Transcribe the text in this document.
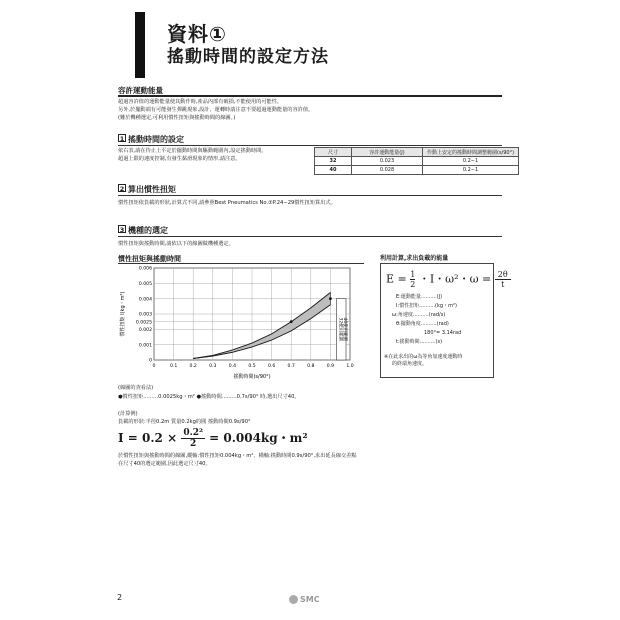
資料①
搖動時間的設定方法
容許運動能量
超過容許值的運動能量使其動作時,產品內部有破損,不能使用的可能性。
另外,於擺動端有可能發生彈跳現象,設計、運轉時請注意不要超過運動能量的容許值。
(難於機種選定,可利用慣性扭矩與搖動時間的線圖。)
1 搖動時間的設定
依右表,請在待止上平定於擺動時間與驅動範圍內,設定搖動時間。
超過上限的速度控制,有發生黏滑現象的情形,請注意。
尺寸	容許運動能量(J)	作動上安定的搖動時間調整範圍(s/90°)
32	0.023	0.2∼1
40	0.028	0.2∼1
2 算出慣性扭矩
慣性扭矩依負載的形狀,計算式不同,請參照Best Pneumatics No.⑦P.24∼29慣性扭矩算出式。
3 機種的選定
慣性扭矩與搖動時間,請依以下的線圖做機種選定。
慣性扭矩與搖動時間
0
0.001
0.002
0.0025
0.003
0.004
0.005
0.006
0	0.1	0.2	0.3	0.4	0.5	0.6	0.7	0.8	0.9	1.0
慣性扭矩 I(kg・m²)
搖動時間(s/90°)
32使用範圍 40使用範圍
利用計算,求出負載的能量
$E = \frac{1}{2}$ ・I・ω²・$\omega = \frac{2\theta}{t}$
E:運動能量..........(J)
I:慣性扭矩..........(kg・m²)
ω:角速度..........(rad/s)
θ:擺動角度..........(rad)
180°= 3.14rad
t:搖動時間..........(s)
※在此求出的ω為等角加速度運動時
的終端角速度。
(線圖的查看法)
●慣性扭矩.........0.0025kg・m² ●搖動時間.........0.7s/90° 時,選出尺寸40。
(計算例)
負載的形狀:半徑0.2m 質量0.2kg的圓 搖動時間0.9s/90°
$I = 0.2 \times \frac{\text{0.2²}}{2} = 0.004kg$・m²
於慣性扭矩與搖動時間的線圖,縱軸:慣性扭矩0.004kg・m²、橫軸:搖動時間0.9s/90°,求出延長線交差點
在尺寸40的選定範圍,因此選定尺寸40。
2	SMC
